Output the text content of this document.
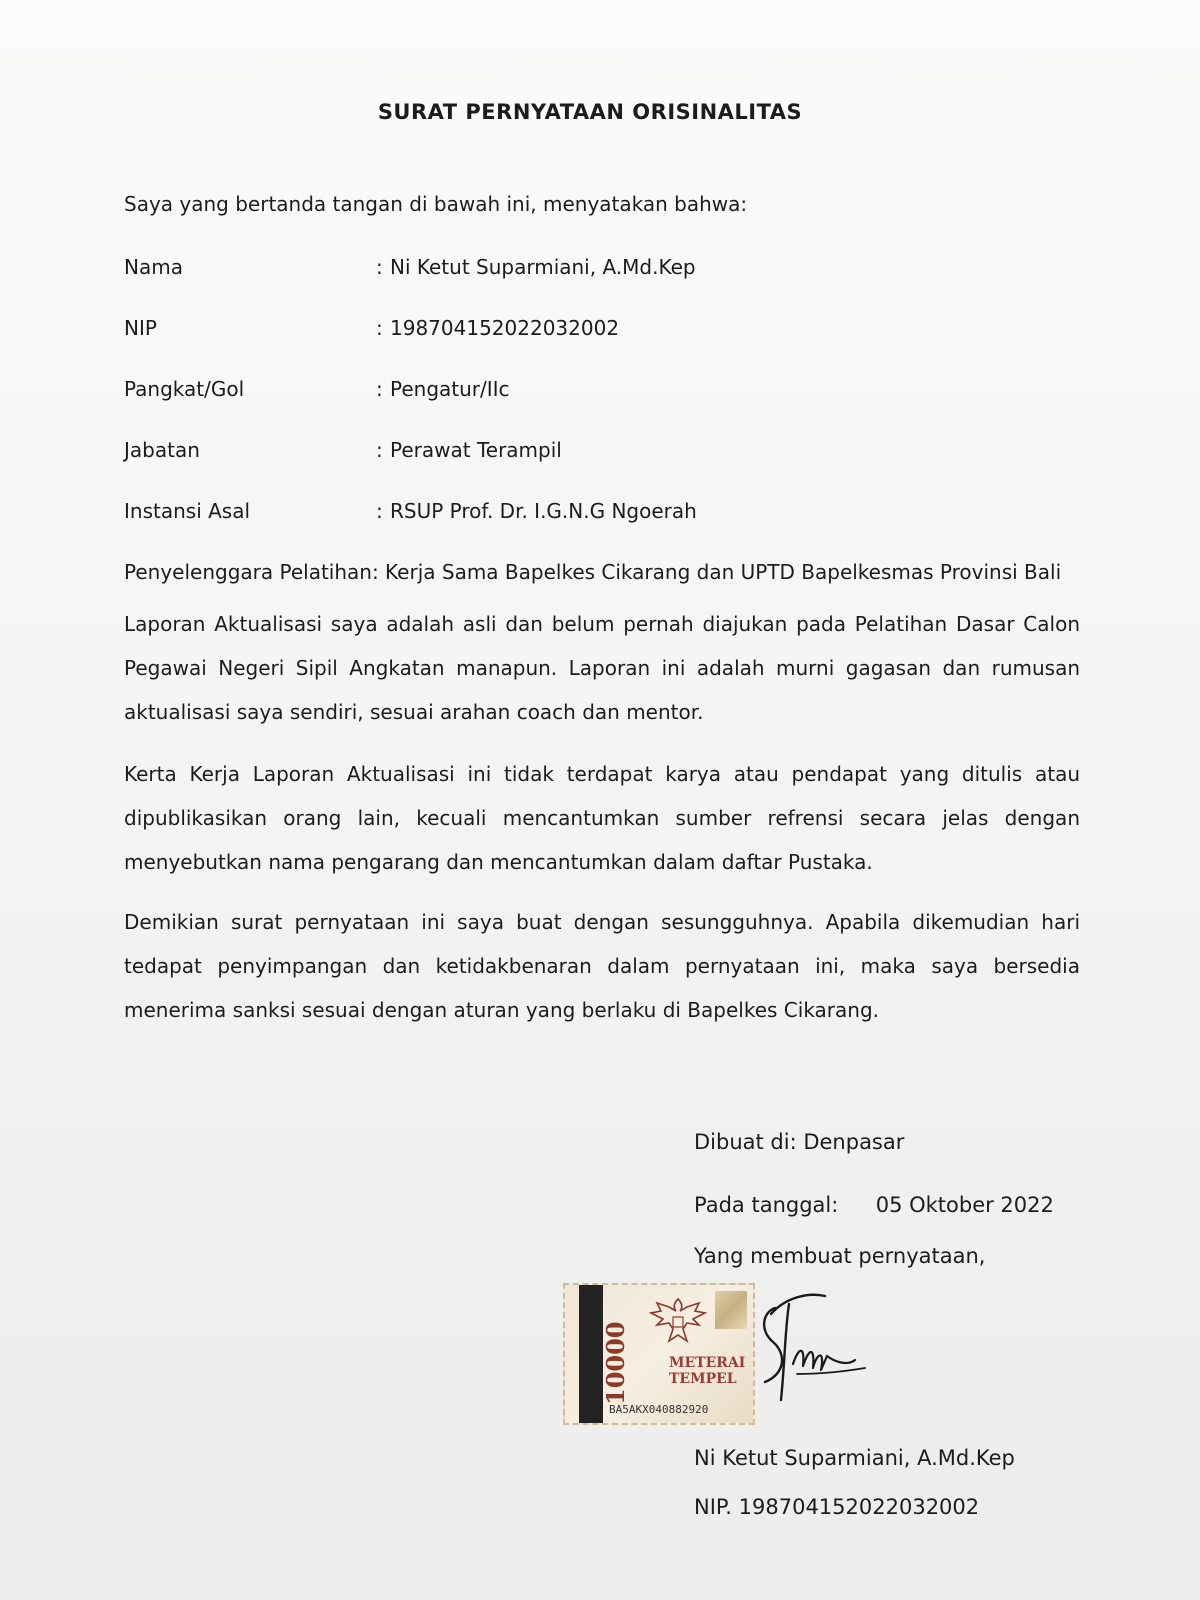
SURAT PERNYATAAN ORISINALITAS
Saya yang bertanda tangan di bawah ini, menyatakan bahwa:
Nama	: Ni Ketut Suparmiani, A.Md.Kep
NIP	: 198704152022032002
Pangkat/Gol	: Pengatur/IIc
Jabatan	: Perawat Terampil
Instansi Asal	: RSUP Prof. Dr. I.G.N.G Ngoerah
Penyelenggara Pelatihan: Kerja Sama Bapelkes Cikarang dan UPTD Bapelkesmas Provinsi Bali

Laporan Aktualisasi saya adalah asli dan belum pernah diajukan pada Pelatihan Dasar Calon Pegawai Negeri Sipil Angkatan manapun. Laporan ini adalah murni gagasan dan rumusan aktualisasi saya sendiri, sesuai arahan coach dan mentor.

Kerta Kerja Laporan Aktualisasi ini tidak terdapat karya atau pendapat yang ditulis atau dipublikasikan orang lain, kecuali mencantumkan sumber refrensi secara jelas dengan menyebutkan nama pengarang dan mencantumkan dalam daftar Pustaka.

Demikian surat pernyataan ini saya buat dengan sesungguhnya. Apabila dikemudian hari tedapat penyimpangan dan ketidakbenaran dalam pernyataan ini, maka saya bersedia menerima sanksi sesuai dengan aturan yang berlaku di Bapelkes Cikarang.

Dibuat di: Denpasar
Pada tanggal: 05 Oktober 2022
Yang membuat pernyataan,
10000	METERAI
TEMPEL
BA5AKX040882920
Ni Ketut Suparmiani, A.Md.Kep
NIP. 198704152022032002
